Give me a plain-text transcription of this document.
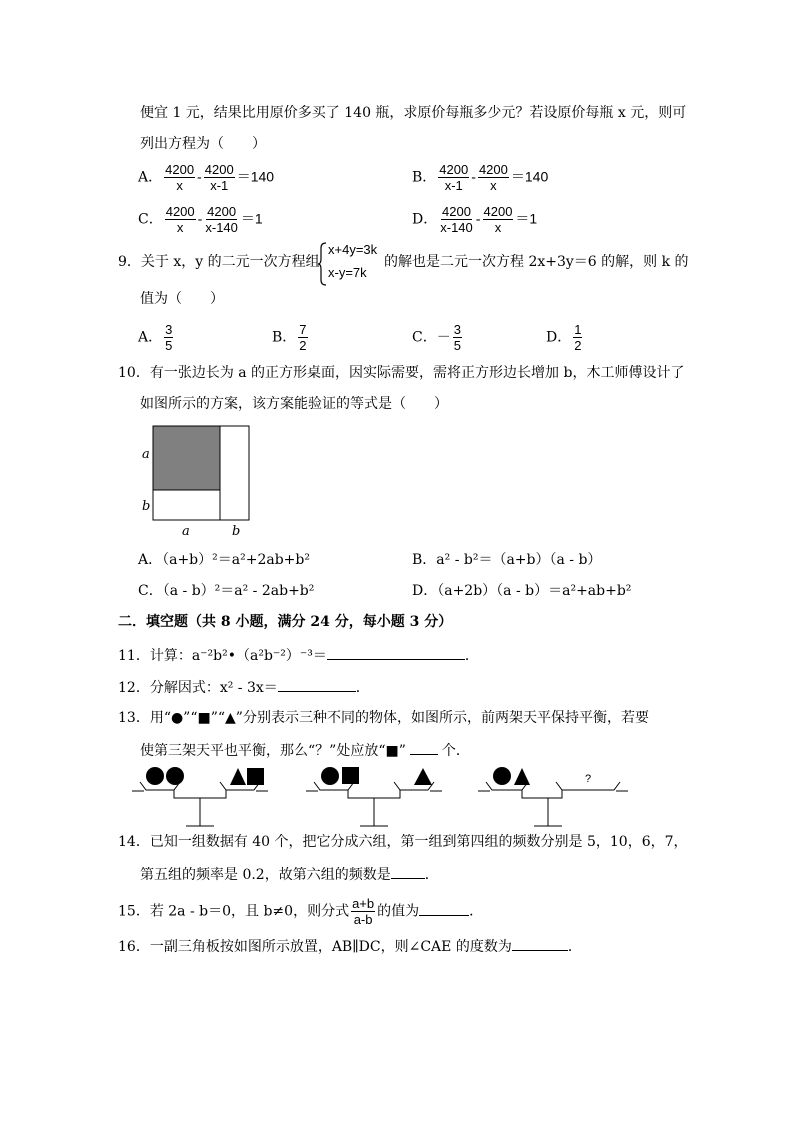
便宜 1 元，结果比用原价多买了 140 瓶，求原价每瓶多少元？若设原价每瓶 x 元，则可
列出方程为（　　）
A． $\frac{4200}{x} - \frac{4200}{x-1} =140$	B． $\frac{4200}{x-1} - \frac{4200}{x} =140$
C． $\frac{4200}{x} - \frac{4200}{x-140} =1$	D． $\frac{4200}{x-140} - \frac{4200}{x} =1$
9．关于 x，y 的二元一次方程组
x+4y=3k
x-y=7k
的解也是二元一次方程 2x+3y＝6 的解，则 k 的
值为（　　）
A． $\frac{3}{5}$	B． $\frac{7}{2}$	C．－ $\frac{3}{5}$	D． $\frac{1}{2}$
10．有一张边长为 a 的正方形桌面，因实际需要，需将正方形边长增加 b，木工师傅设计了
如图所示的方案，该方案能验证的等式是（　　）
a
b
a	b
A．（a+b）²＝a²+2ab+b²	B．a² - b²＝（a+b）（a - b）
C．（a - b）²＝a² - 2ab+b²	D．（a+2b）（a - b）＝a²+ab+b²
二．填空题（共 8 小题，满分 24 分，每小题 3 分）
11．计算：a⁻²b²•（a²b⁻²）⁻³＝	．
12．分解因式：x² - 3x＝	．
13．用“●”“■”“▲”分别表示三种不同的物体，如图所示，前两架天平保持平衡，若要
使第三架天平也平衡，那么“？”处应放“■”	个．
?
14．已知一组数据有 40 个，把它分成六组，第一组到第四组的频数分别是 5，10，6，7，
第五组的频率是 0.2，故第六组的频数是 ．
15．若 2a - b＝0，且 b≠0，则分式 $\frac{a+b}{a-b}$ 的值为	．
16．一副三角板按如图所示放置，AB∥DC，则∠CAE 的度数为	．
